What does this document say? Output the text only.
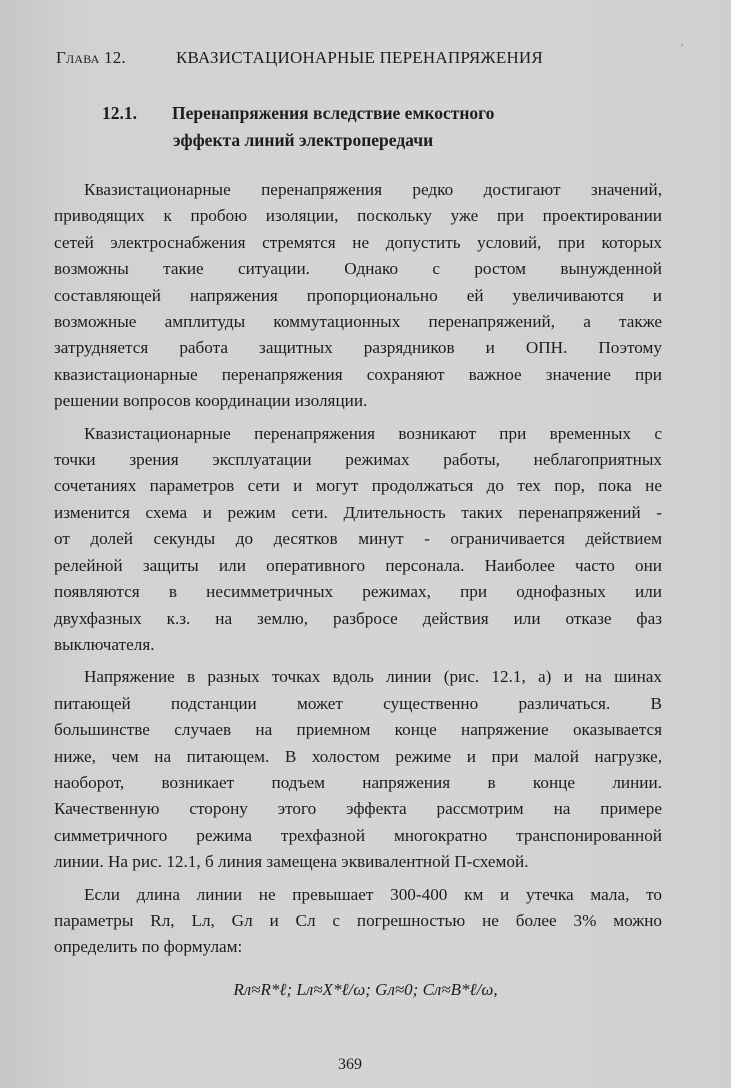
Глава 12.	КВАЗИСТАЦИОНАРНЫЕ ПЕРЕНАПРЯЖЕНИЯ
12.1. Перенапряжения вследствие емкостного
эффекта линий электропередачи

Квазистационарные перенапряжения редко достигают значений,
приводящих к пробою изоляции, поскольку уже при проектировании
сетей электроснабжения стремятся не допустить условий, при которых
возможны такие ситуации. Однако с ростом вынужденной
составляющей напряжения пропорционально ей увеличиваются и
возможные амплитуды коммутационных перенапряжений, а также
затрудняется работа защитных разрядников и ОПН. Поэтому
квазистационарные перенапряжения сохраняют важное значение при
решении вопросов координации изоляции.

Квазистационарные перенапряжения возникают при временных с
точки зрения эксплуатации режимах работы, неблагоприятных
сочетаниях параметров сети и могут продолжаться до тех пор, пока не
изменится схема и режим сети. Длительность таких перенапряжений -
от долей секунды до десятков минут - ограничивается действием
релейной защиты или оперативного персонала. Наиболее часто они
появляются в несимметричных режимах, при однофазных или
двухфазных к.з. на землю, разбросе действия или отказе фаз
выключателя.

Напряжение в разных точках вдоль линии (рис. 12.1, а) и на шинах
питающей подстанции может существенно различаться. В
большинстве случаев на приемном конце напряжение оказывается
ниже, чем на питающем. В холостом режиме и при малой нагрузке,
наоборот, возникает подъем напряжения в конце линии.
Качественную сторону этого эффекта рассмотрим на примере
симметричного режима трехфазной многократно транспонированной
линии. На рис. 12.1, б линия замещена эквивалентной П-схемой.

Если длина линии не превышает 300-400 км и утечка мала, то
параметры Rл, Lл, Gл и Cл с погрешностью не более 3% можно
определить по формулам:

Rл≈R*ℓ; Lл≈X*ℓ/ω; Gл≈0; Cл≈B*ℓ/ω,
369
